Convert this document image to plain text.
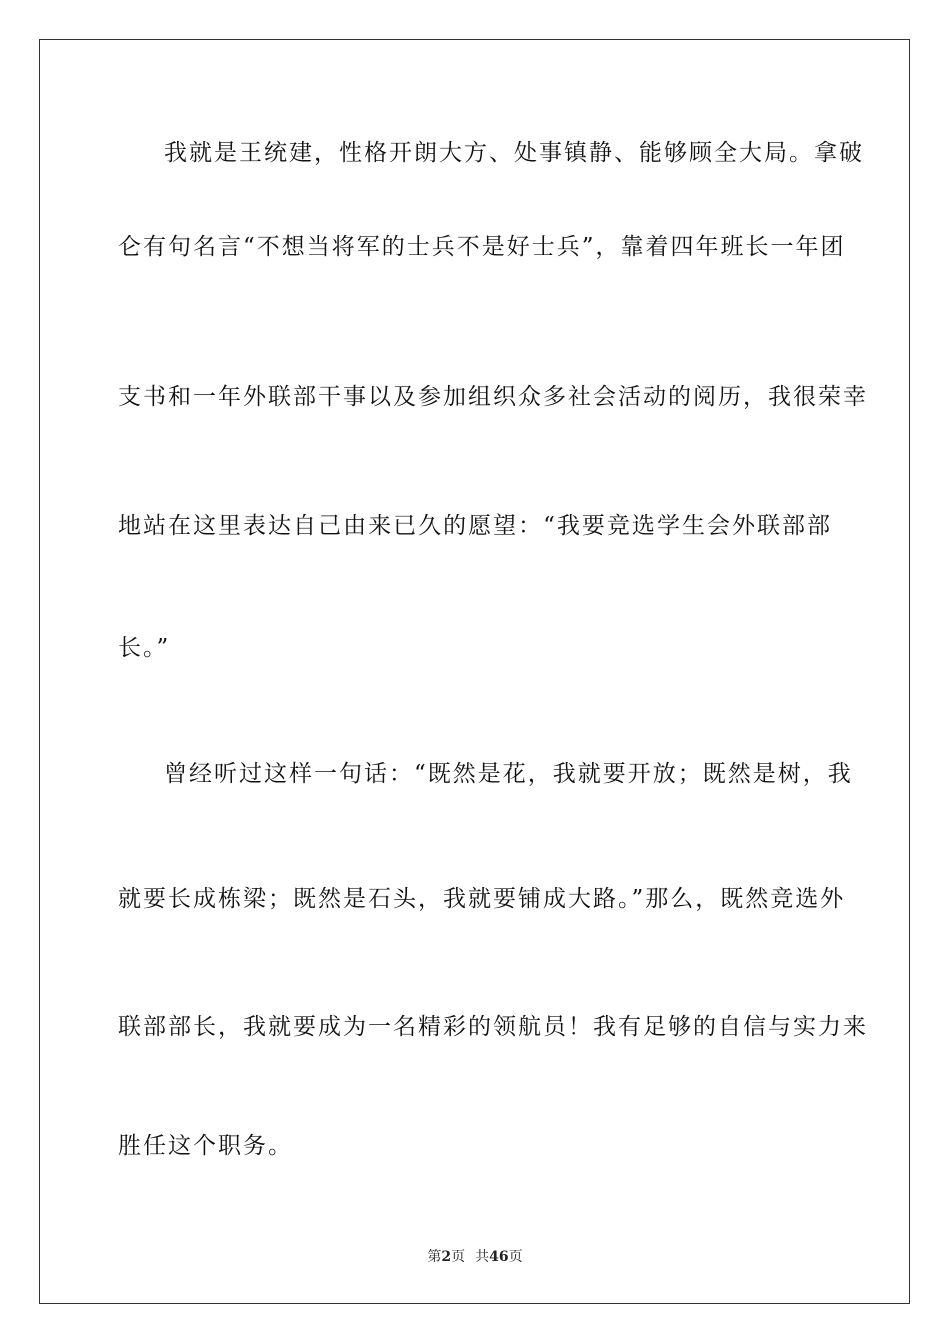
我就是王统建，性格开朗大方、处事镇静、能够顾全大局。拿破
仑有句名言“不想当将军的士兵不是好士兵”，靠着四年班长一年团
支书和一年外联部干事以及参加组织众多社会活动的阅历，我很荣幸
地站在这里表达自己由来已久的愿望：“我要竞选学生会外联部部
长。”
曾经听过这样一句话：“既然是花，我就要开放；既然是树，我
就要长成栋梁；既然是石头，我就要铺成大路。”那么，既然竞选外
联部部长，我就要成为一名精彩的领航员！我有足够的自信与实力来
胜任这个职务。
第2页 共46页
